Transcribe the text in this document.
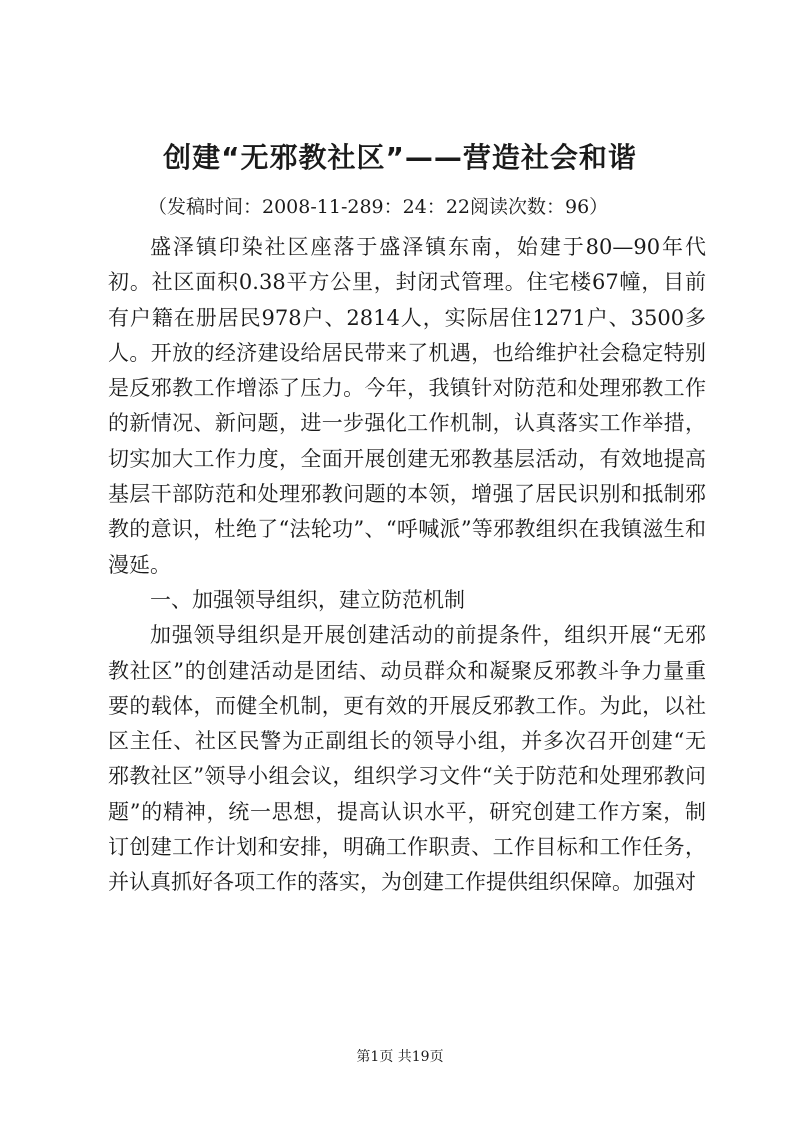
创建“无邪教社区”——营造社会和谐

（发稿时间：2008-11-289：24：22阅读次数：96）

盛泽镇印染社区座落于盛泽镇东南，始建于80—90年代初。社区面积0.38平方公里，封闭式管理。住宅楼67幢，目前有户籍在册居民978户、2814人，实际居住1271户、3500多人。开放的经济建设给居民带来了机遇，也给维护社会稳定特别是反邪教工作增添了压力。今年，我镇针对防范和处理邪教工作的新情况、新问题，进一步强化工作机制，认真落实工作举措，切实加大工作力度，全面开展创建无邪教基层活动，有效地提高基层干部防范和处理邪教问题的本领，增强了居民识别和抵制邪教的意识，杜绝了“法轮功”、“呼喊派”等邪教组织在我镇滋生和漫延。

一、加强领导组织，建立防范机制

加强领导组织是开展创建活动的前提条件，组织开展“无邪教社区”的创建活动是团结、动员群众和凝聚反邪教斗争力量重要的载体，而健全机制，更有效的开展反邪教工作。为此，以社区主任、社区民警为正副组长的领导小组，并多次召开创建“无邪教社区”领导小组会议，组织学习文件“关于防范和处理邪教问题”的精神，统一思想，提高认识水平，研究创建工作方案，制订创建工作计划和安排，明确工作职责、工作目标和工作任务，并认真抓好各项工作的落实，为创建工作提供组织保障。加强对

第1页 共19页
